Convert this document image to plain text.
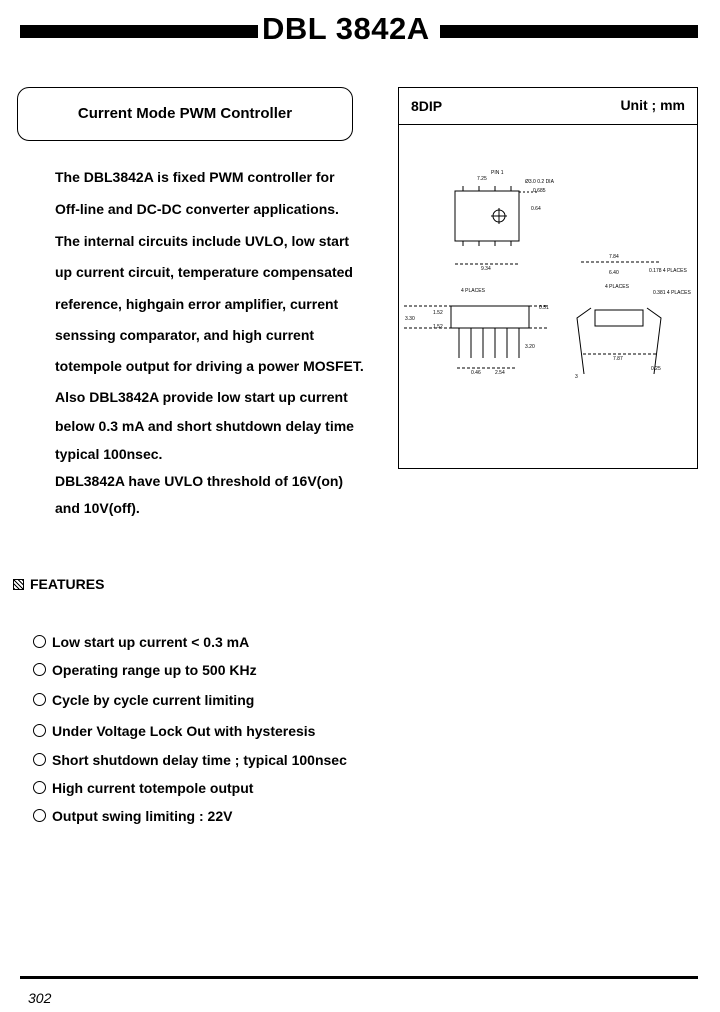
DBL 3842A
Current Mode PWM Controller	8DIP	Unit ; mm
PIN 1
7.25	Ø3.0 0.2 DIA
0.685
0.64
9.34
4 PLACES
0.51
1.52
3.30
1.52
3.20
0.46	2.54
7.84
6.40
4 PLACES
0.178 4 PLACES
0.381 4 PLACES
7.87
3
0.25
The DBL3842A is fixed PWM controller for
Off-line and DC-DC converter applications.
The internal circuits include UVLO, low start
up current circuit, temperature compensated
reference, highgain error amplifier, current
senssing comparator, and high current
totempole output for driving a power MOSFET.
Also DBL3842A provide low start up current
below 0.3 mA and short shutdown delay time
typical 100nsec.
DBL3842A have UVLO threshold of 16V(on)
and 10V(off).
FEATURES
Low start up current < 0.3 mA
Operating range up to 500 KHz
Cycle by cycle current limiting
Under Voltage Lock Out with hysteresis
Short shutdown delay time ; typical 100nsec
High current totempole output
Output swing limiting : 22V
302
